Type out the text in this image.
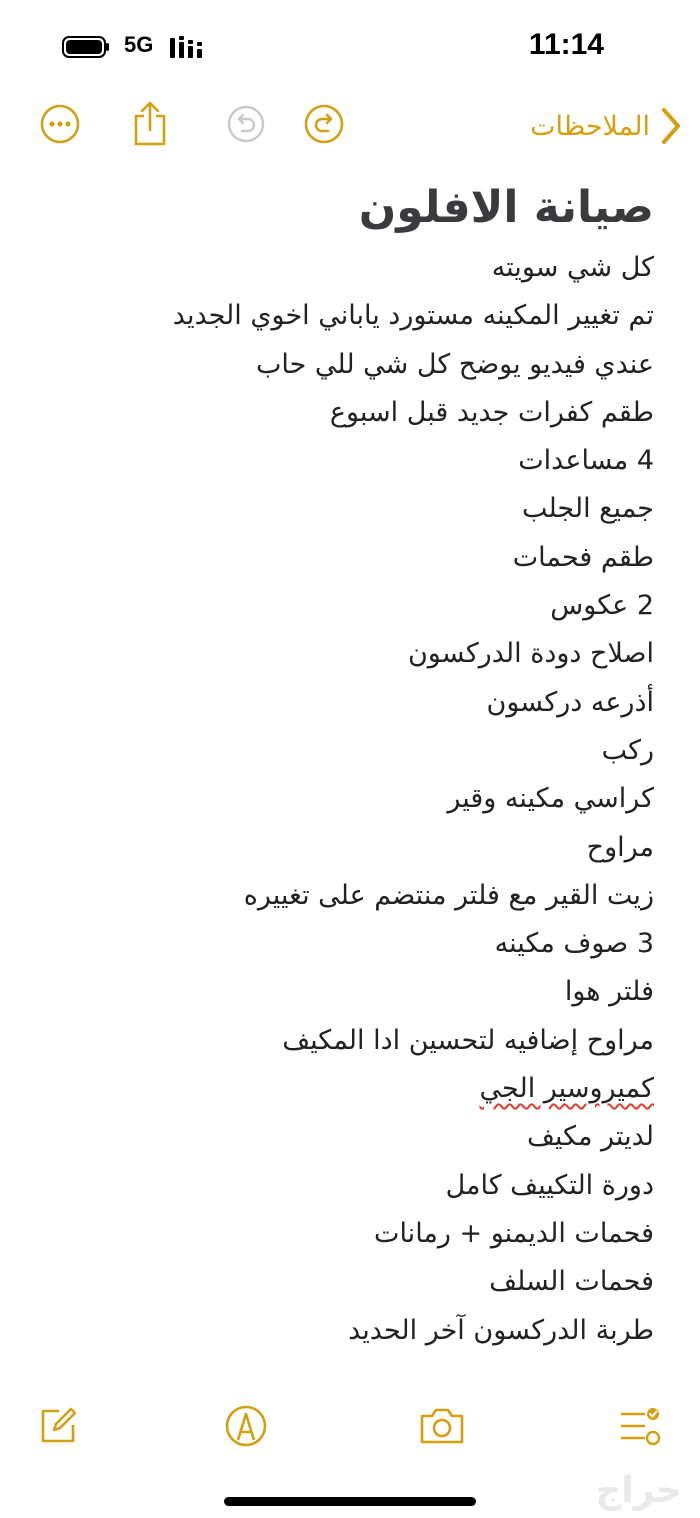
5G	11:14
الملاحظات
صيانة الافلون
كل شي سويته
تم تغيير المكينه مستورد ياباني اخوي الجديد
عندي فيديو يوضح كل شي للي حاب
طقم كفرات جديد قبل اسبوع
4 مساعدات
جميع الجلب
طقم فحمات
2 عكوس
اصلاح دودة الدركسون
أذرعه دركسون
ركب
كراسي مكينه وقير
مراوح
زيت القير مع فلتر منتضم على تغييره
3 صوف مكينه
فلتر هوا
مراوح إضافيه لتحسين ادا المكيف
كميروسير الجي
لديتر مكيف
دورة التكييف كامل
فحمات الديمنو + رمانات
فحمات السلف
طربة الدركسون آخر الحديد
حراج
